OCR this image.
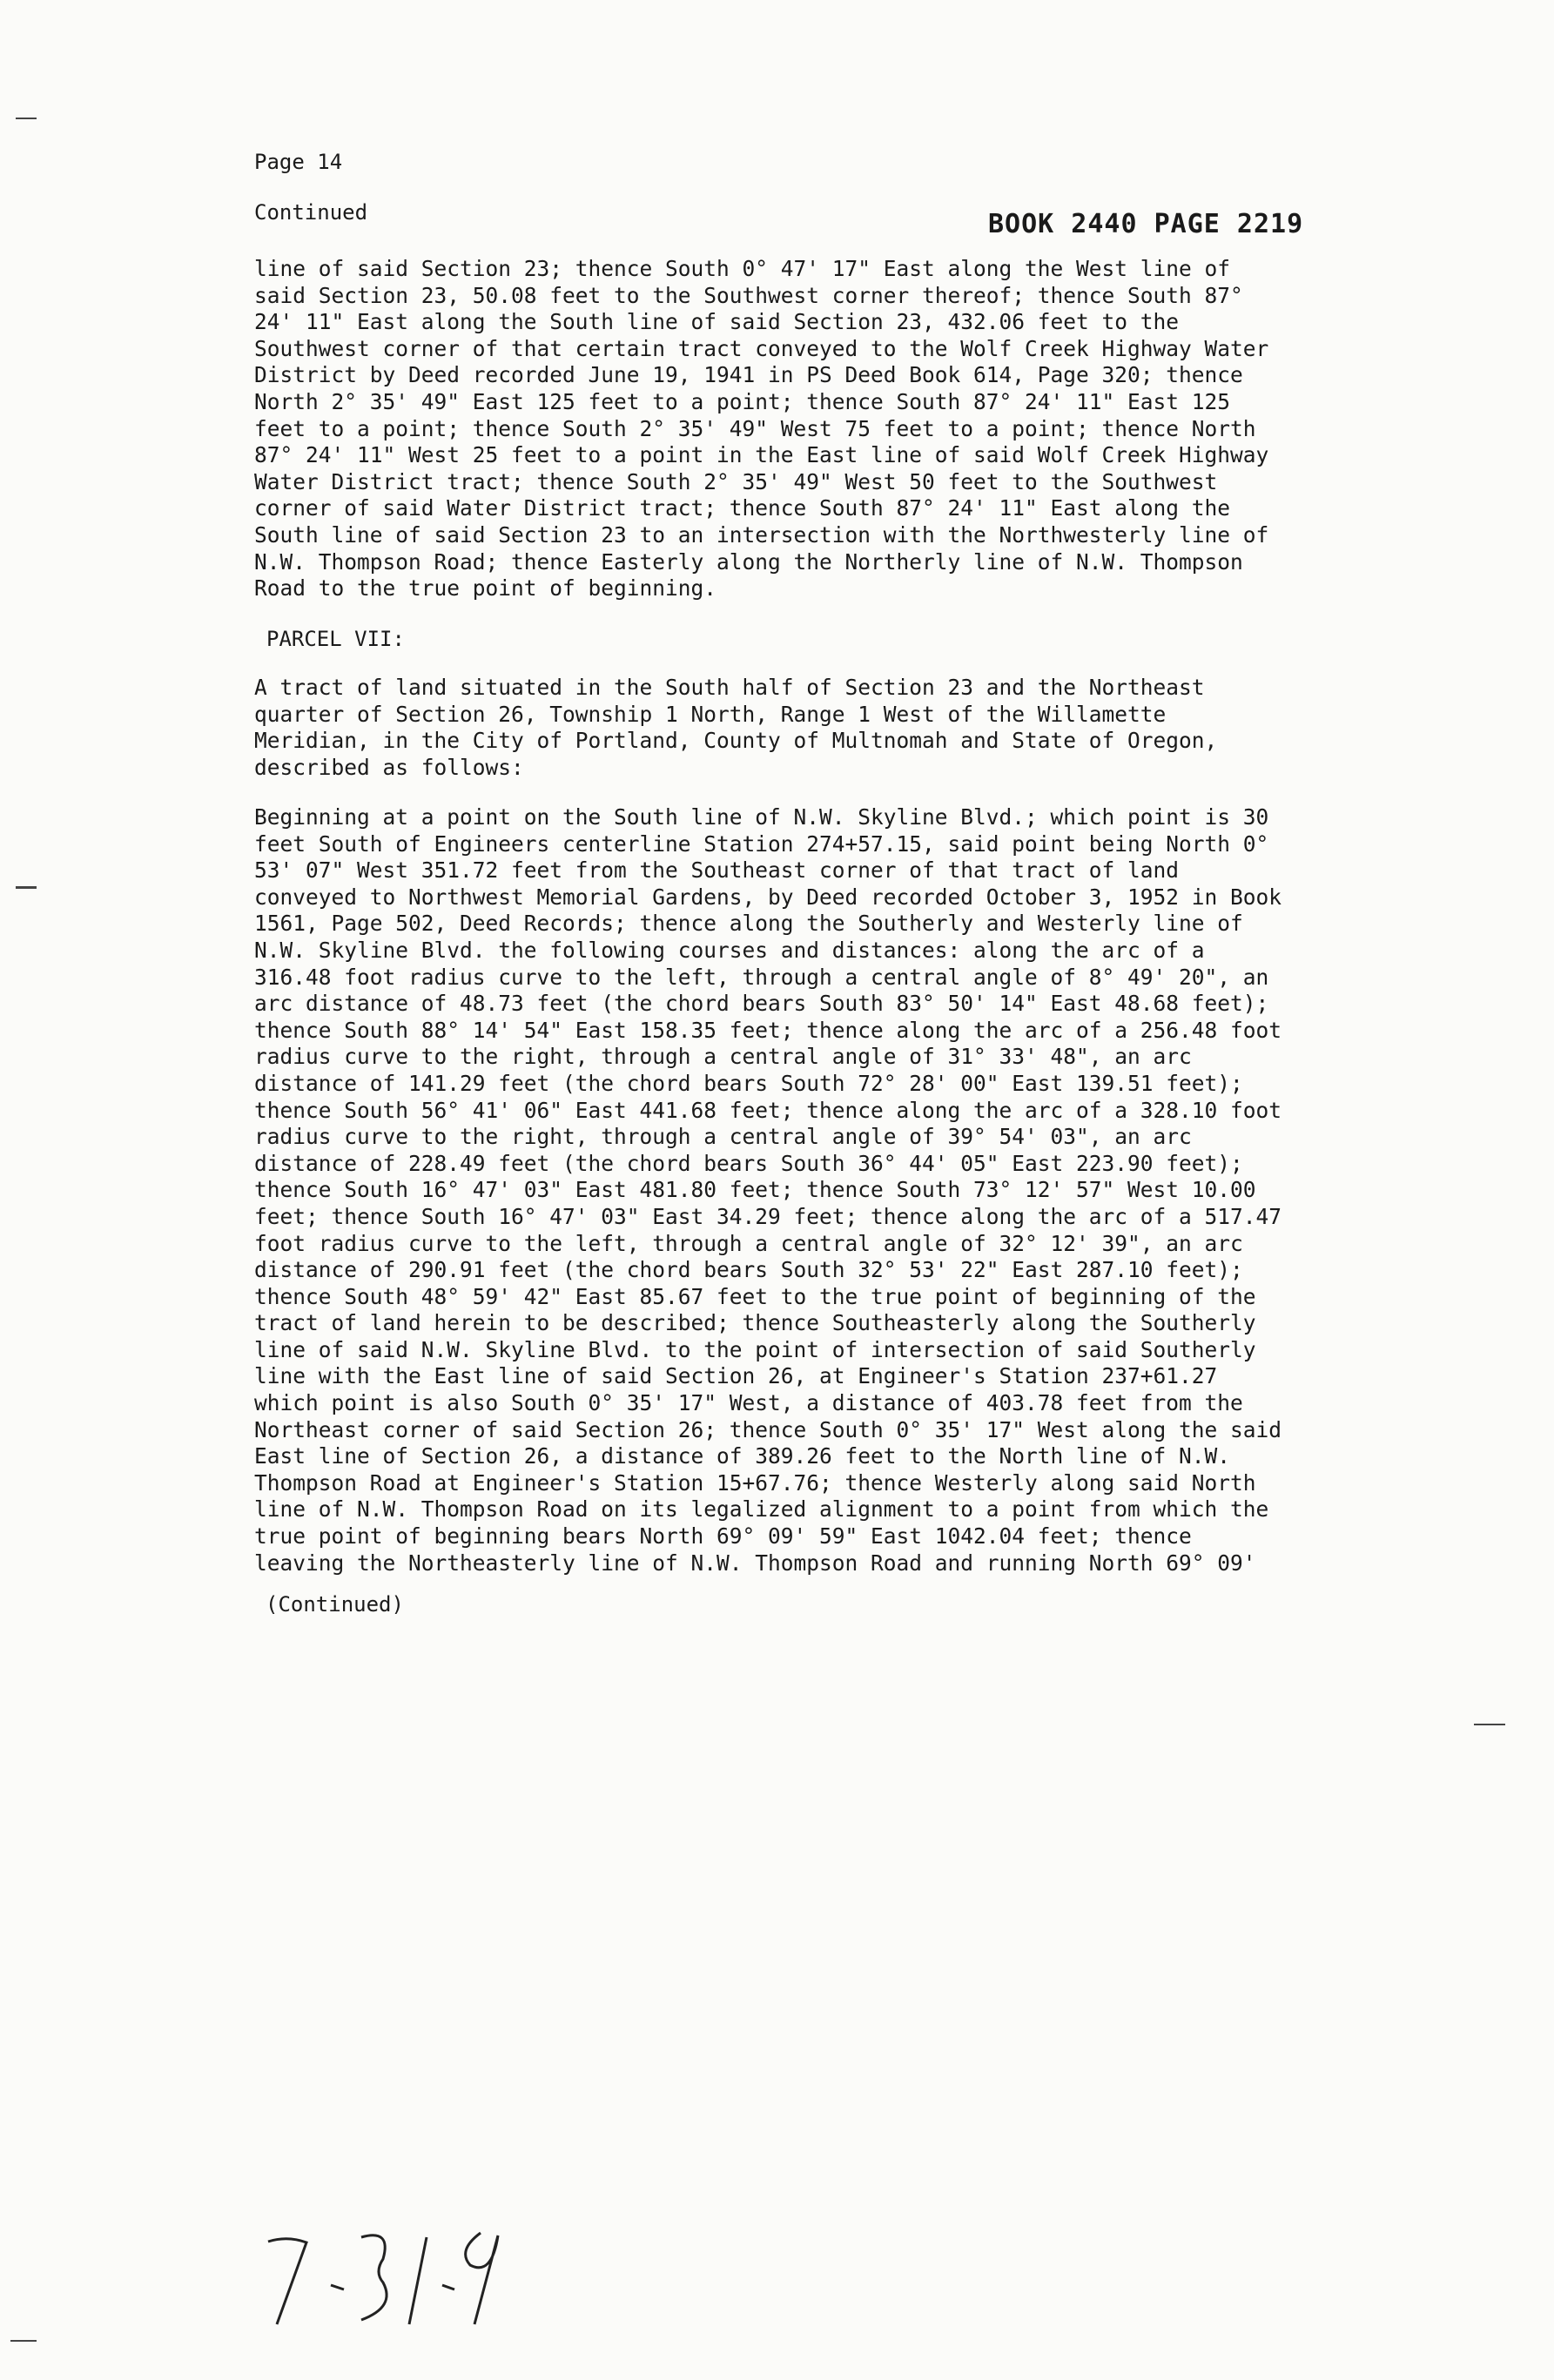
Page 14
Continued	BOOK 2440 PAGE 2219

line of said Section 23; thence South 0° 47' 17" East along the West line of said Section 23, 50.08 feet to the Southwest corner thereof; thence South 87° 24' 11" East along the South line of said Section 23, 432.06 feet to the Southwest corner of that certain tract conveyed to the Wolf Creek Highway Water District by Deed recorded June 19, 1941 in PS Deed Book 614, Page 320; thence North 2° 35' 49" East 125 feet to a point; thence South 87° 24' 11" East 125 feet to a point; thence South 2° 35' 49" West 75 feet to a point; thence North 87° 24' 11" West 25 feet to a point in the East line of said Wolf Creek Highway Water District tract; thence South 2° 35' 49" West 50 feet to the Southwest corner of said Water District tract; thence South 87° 24' 11" East along the South line of said Section 23 to an intersection with the Northwesterly line of N.W. Thompson Road; thence Easterly along the Northerly line of N.W. Thompson Road to the true point of beginning.

PARCEL VII:

A tract of land situated in the South half of Section 23 and the Northeast quarter of Section 26, Township 1 North, Range 1 West of the Willamette Meridian, in the City of Portland, County of Multnomah and State of Oregon, described as follows:

Beginning at a point on the South line of N.W. Skyline Blvd.; which point is 30 feet South of Engineers centerline Station 274+57.15, said point being North 0° 53' 07" West 351.72 feet from the Southeast corner of that tract of land conveyed to Northwest Memorial Gardens, by Deed recorded October 3, 1952 in Book 1561, Page 502, Deed Records; thence along the Southerly and Westerly line of N.W. Skyline Blvd. the following courses and distances: along the arc of a 316.48 foot radius curve to the left, through a central angle of 8° 49' 20", an arc distance of 48.73 feet (the chord bears South 83° 50' 14" East 48.68 feet); thence South 88° 14' 54" East 158.35 feet; thence along the arc of a 256.48 foot radius curve to the right, through a central angle of 31° 33' 48", an arc distance of 141.29 feet (the chord bears South 72° 28' 00" East 139.51 feet); thence South 56° 41' 06" East 441.68 feet; thence along the arc of a 328.10 foot radius curve to the right, through a central angle of 39° 54' 03", an arc distance of 228.49 feet (the chord bears South 36° 44' 05" East 223.90 feet); thence South 16° 47' 03" East 481.80 feet; thence South 73° 12' 57" West 10.00 feet; thence South 16° 47' 03" East 34.29 feet; thence along the arc of a 517.47 foot radius curve to the left, through a central angle of 32° 12' 39", an arc distance of 290.91 feet (the chord bears South 32° 53' 22" East 287.10 feet); thence South 48° 59' 42" East 85.67 feet to the true point of beginning of the tract of land herein to be described; thence Southeasterly along the Southerly line of said N.W. Skyline Blvd. to the point of intersection of said Southerly line with the East line of said Section 26, at Engineer's Station 237+61.27 which point is also South 0° 35' 17" West, a distance of 403.78 feet from the Northeast corner of said Section 26; thence South 0° 35' 17" West along the said East line of Section 26, a distance of 389.26 feet to the North line of N.W. Thompson Road at Engineer's Station 15+67.76; thence Westerly along said North line of N.W. Thompson Road on its legalized alignment to a point from which the true point of beginning bears North 69° 09' 59" East 1042.04 feet; thence leaving the Northeasterly line of N.W. Thompson Road and running North 69° 09'

(Continued)
